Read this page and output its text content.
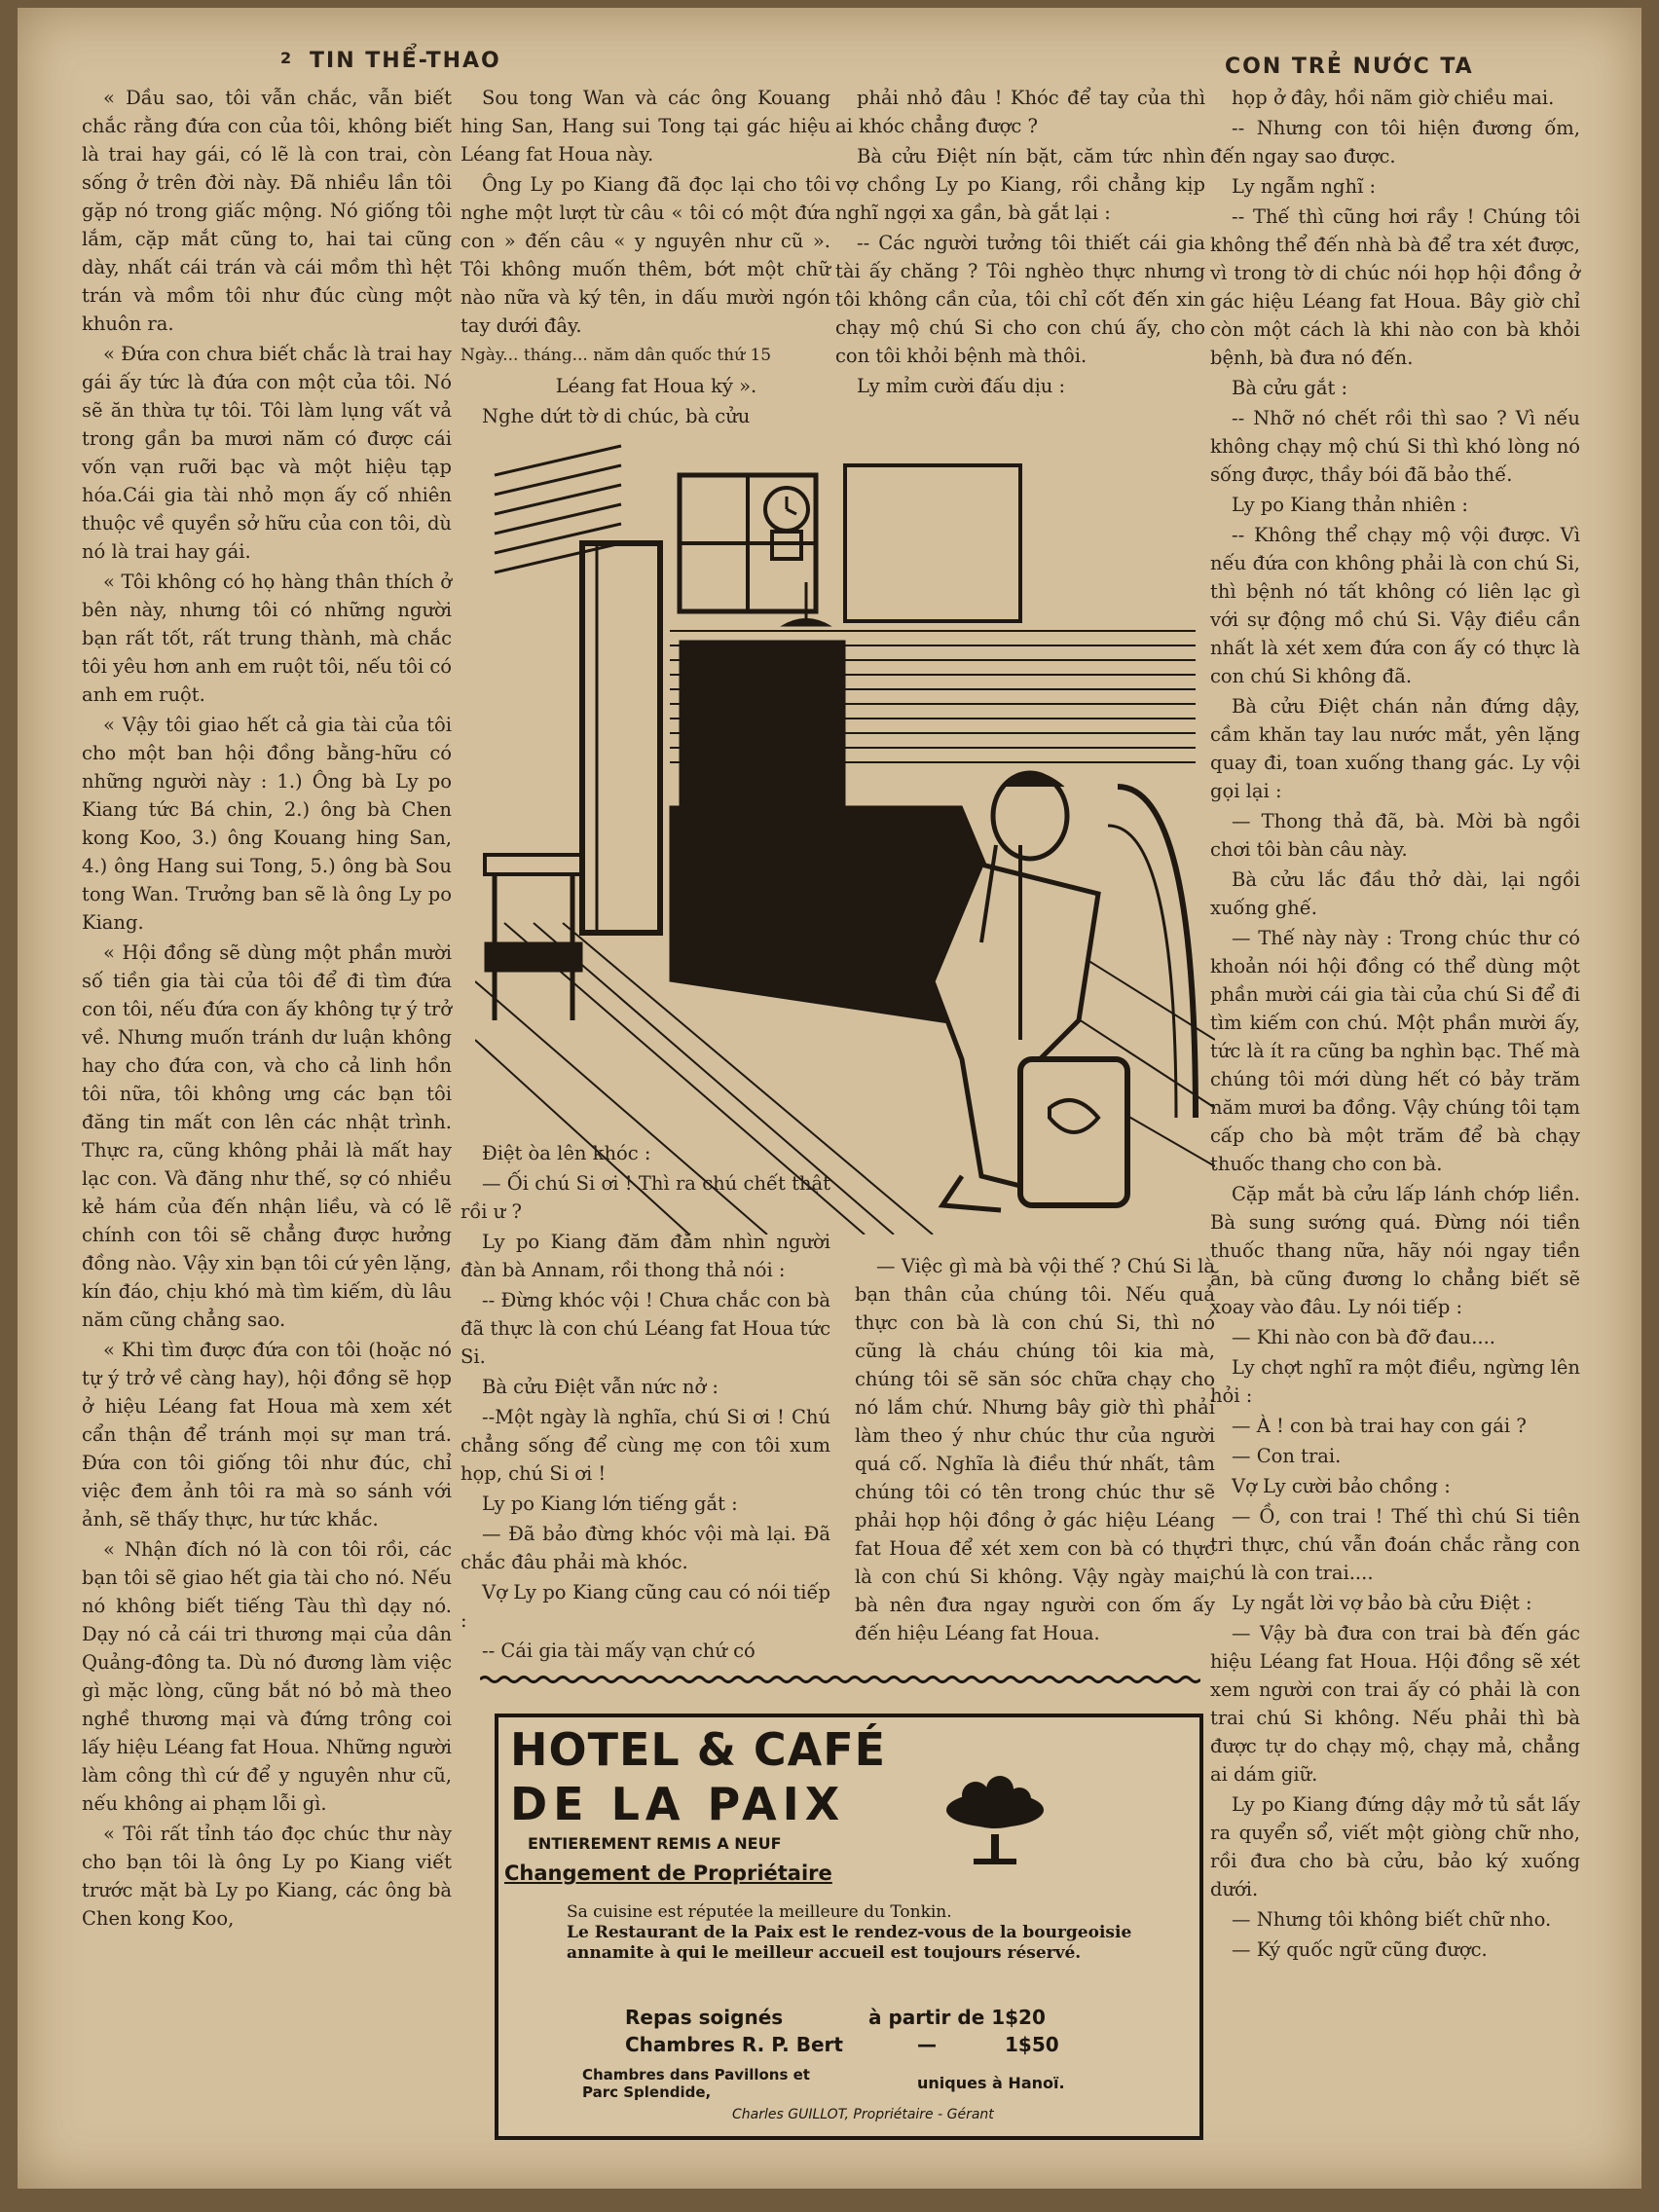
2 TIN THỂ-THAO	CON TRẺ NƯỚC TA

« Dầu sao, tôi vẫn chắc, vẫn biết chắc rằng đứa con của tôi, không biết là trai hay gái, có lẽ là con trai, còn sống ở trên đời này. Đã nhiều lần tôi gặp nó trong giấc mộng. Nó giống tôi lắm, cặp mắt cũng to, hai tai cũng dày, nhất cái trán và cái mồm thì hệt trán và mồm tôi như đúc cùng một khuôn ra.

« Đứa con chưa biết chắc là trai hay gái ấy tức là đứa con một của tôi. Nó sẽ ăn thừa tự tôi. Tôi làm lụng vất vả trong gần ba mươi năm có được cái vốn vạn ruỡi bạc và một hiệu tạp hóa.Cái gia tài nhỏ mọn ấy cố nhiên thuộc về quyền sở hữu của con tôi, dù nó là trai hay gái.

« Tôi không có họ hàng thân thích ở bên này, nhưng tôi có những người bạn rất tốt, rất trung thành, mà chắc tôi yêu hơn anh em ruột tôi, nếu tôi có anh em ruột.

« Vậy tôi giao hết cả gia tài của tôi cho một ban hội đồng bằng-hữu có những người này : 1.) Ông bà Ly po Kiang tức Bá chin, 2.) ông bà Chen kong Koo, 3.) ông Kouang hing San, 4.) ông Hang sui Tong, 5.) ông bà Sou tong Wan. Trưởng ban sẽ là ông Ly po Kiang.

« Hội đồng sẽ dùng một phần mười số tiền gia tài của tôi để đi tìm đứa con tôi, nếu đứa con ấy không tự ý trở về. Nhưng muốn tránh dư luận không hay cho đứa con, và cho cả linh hồn tôi nữa, tôi không ưng các bạn tôi đăng tin mất con lên các nhật trình. Thực ra, cũng không phải là mất hay lạc con. Và đăng như thế, sợ có nhiều kẻ hám của đến nhận liều, và có lẽ chính con tôi sẽ chẳng được hưởng đồng nào. Vậy xin bạn tôi cứ yên lặng, kín đáo, chịu khó mà tìm kiếm, dù lâu năm cũng chẳng sao.

« Khi tìm được đứa con tôi (hoặc nó tự ý trở về càng hay), hội đồng sẽ họp ở hiệu Léang fat Houa mà xem xét cẩn thận để tránh mọi sự man trá. Đứa con tôi giống tôi như đúc, chỉ việc đem ảnh tôi ra mà so sánh với ảnh, sẽ thấy thực, hư tức khắc.

« Nhận đích nó là con tôi rồi, các bạn tôi sẽ giao hết gia tài cho nó. Nếu nó không biết tiếng Tàu thì dạy nó. Dạy nó cả cái tri thương mại của dân Quảng-đông ta. Dù nó đương làm việc gì mặc lòng, cũng bắt nó bỏ mà theo nghề thương mại và đứng trông coi lấy hiệu Léang fat Houa. Những người làm công thì cứ để y nguyên như cũ, nếu không ai phạm lỗi gì.

« Tôi rất tỉnh táo đọc chúc thư này cho bạn tôi là ông Ly po Kiang viết trước mặt bà Ly po Kiang, các ông bà Chen kong Koo,

Sou tong Wan và các ông Kouang hing San, Hang sui Tong tại gác hiệu Léang fat Houa này.

Ông Ly po Kiang đã đọc lại cho tôi nghe một lượt từ câu « tôi có một đứa con » đến câu « y nguyên như cũ ». Tôi không muốn thêm, bớt một chữ nào nữa và ký tên, in dấu mười ngón tay dưới đây.

Ngày... tháng... năm dân quốc thứ 15

Léang fat Houa ký ».

Nghe dứt tờ di chúc, bà cửu

phải nhỏ đâu ! Khóc để tay của thì ai khóc chẳng được ?

Bà cửu Điệt nín bặt, căm tức nhìn vợ chồng Ly po Kiang, rồi chẳng kịp nghĩ ngợi xa gần, bà gắt lại :

-- Các người tưởng tôi thiết cái gia tài ấy chăng ? Tôi nghèo thực nhưng tôi không cần của, tôi chỉ cốt đến xin chạy mộ chú Si cho con chú ấy, cho con tôi khỏi bệnh mà thôi.

Ly mỉm cười đấu dịu :

Điệt òa lên khóc :

— Ối chú Si ơi ! Thì ra chú chết thật rồi ư ?

Ly po Kiang đăm đăm nhìn người đàn bà Annam, rồi thong thả nói :

-- Đừng khóc vội ! Chưa chắc con bà đã thực là con chú Léang fat Houa tức Si.

Bà cửu Điệt vẫn nức nở :

--Một ngày là nghĩa, chú Si ơi ! Chú chẳng sống để cùng mẹ con tôi xum họp, chú Si ơi !

Ly po Kiang lớn tiếng gắt :

— Đã bảo đừng khóc vội mà lại. Đã chắc đâu phải mà khóc.

Vợ Ly po Kiang cũng cau có nói tiếp :

-- Cái gia tài mấy vạn chứ có

— Việc gì mà bà vội thế ? Chú Si là bạn thân của chúng tôi. Nếu quả thực con bà là con chú Si, thì nó cũng là cháu chúng tôi kia mà, chúng tôi sẽ săn sóc chữa chạy cho nó lắm chứ. Nhưng bây giờ thì phải làm theo ý như chúc thư của người quá cố. Nghĩa là điều thứ nhất, tâm chúng tôi có tên trong chúc thư sẽ phải họp hội đồng ở gác hiệu Léang fat Houa để xét xem con bà có thực là con chú Si không. Vậy ngày mai, bà nên đưa ngay người con ốm ấy đến hiệu Léang fat Houa.

họp ở đây, hồi nãm giờ chiều mai.

-- Nhưng con tôi hiện đương ốm, đến ngay sao được.

Ly ngẫm nghĩ :

-- Thế thì cũng hơi rầy ! Chúng tôi không thể đến nhà bà để tra xét được, vì trong tờ di chúc nói họp hội đồng ở gác hiệu Léang fat Houa. Bây giờ chỉ còn một cách là khi nào con bà khỏi bệnh, bà đưa nó đến.

Bà cửu gắt :

-- Nhỡ nó chết rồi thì sao ? Vì nếu không chạy mộ chú Si thì khó lòng nó sống được, thầy bói đã bảo thế.

Ly po Kiang thản nhiên :

-- Không thể chạy mộ vội được. Vì nếu đứa con không phải là con chú Si, thì bệnh nó tất không có liên lạc gì với sự động mồ chú Si. Vậy điều cần nhất là xét xem đứa con ấy có thực là con chú Si không đã.

Bà cửu Điệt chán nản đứng dậy, cầm khăn tay lau nước mắt, yên lặng quay đi, toan xuống thang gác. Ly vội gọi lại :

— Thong thả đã, bà. Mời bà ngồi chơi tôi bàn câu này.

Bà cửu lắc đầu thở dài, lại ngồi xuống ghế.

— Thế này này : Trong chúc thư có khoản nói hội đồng có thể dùng một phần mười cái gia tài của chú Si để đi tìm kiếm con chú. Một phần mười ấy, tức là ít ra cũng ba nghìn bạc. Thế mà chúng tôi mới dùng hết có bảy trăm năm mươi ba đồng. Vậy chúng tôi tạm cấp cho bà một trăm để bà chạy thuốc thang cho con bà.

Cặp mắt bà cửu lấp lánh chớp liền. Bà sung sướng quá. Đừng nói tiền thuốc thang nữa, hãy nói ngay tiền ăn, bà cũng đương lo chẳng biết sẽ xoay vào đâu. Ly nói tiếp :

— Khi nào con bà đỡ đau....

Ly chợt nghĩ ra một điều, ngừng lên hỏi :

— À ! con bà trai hay con gái ?

— Con trai.

Vợ Ly cười bảo chồng :

— Ồ, con trai ! Thế thì chú Si tiên tri thực, chú vẫn đoán chắc rằng con chú là con trai....

Ly ngắt lời vợ bảo bà cửu Điệt :

— Vậy bà đưa con trai bà đến gác hiệu Léang fat Houa. Hội đồng sẽ xét xem người con trai ấy có phải là con trai chú Si không. Nếu phải thì bà được tự do chạy mộ, chạy mả, chẳng ai dám giữ.

Ly po Kiang đứng dậy mở tủ sắt lấy ra quyển sổ, viết một giòng chữ nho, rồi đưa cho bà cửu, bảo ký xuống dưới.

— Nhưng tôi không biết chữ nho.

— Ký quốc ngữ cũng được.

HOTEL & CAFÉ
DE LA PAIX
ENTIEREMENT REMIS A NEUF
Changement de Propriétaire
Sa cuisine est réputée la meilleure du Tonkin.
Le Restaurant de la Paix est le rendez-vous de la bourgeoisie annamite à qui le meilleur accueil est toujours réservé.
Repas soignés	à partir de 1$20
Chambres R. P. Bert	—	1$50
Chambres dans Pavillons et
Parc Splendide,	uniques à Hanoï.
Charles GUILLOT, Propriétaire - Gérant
